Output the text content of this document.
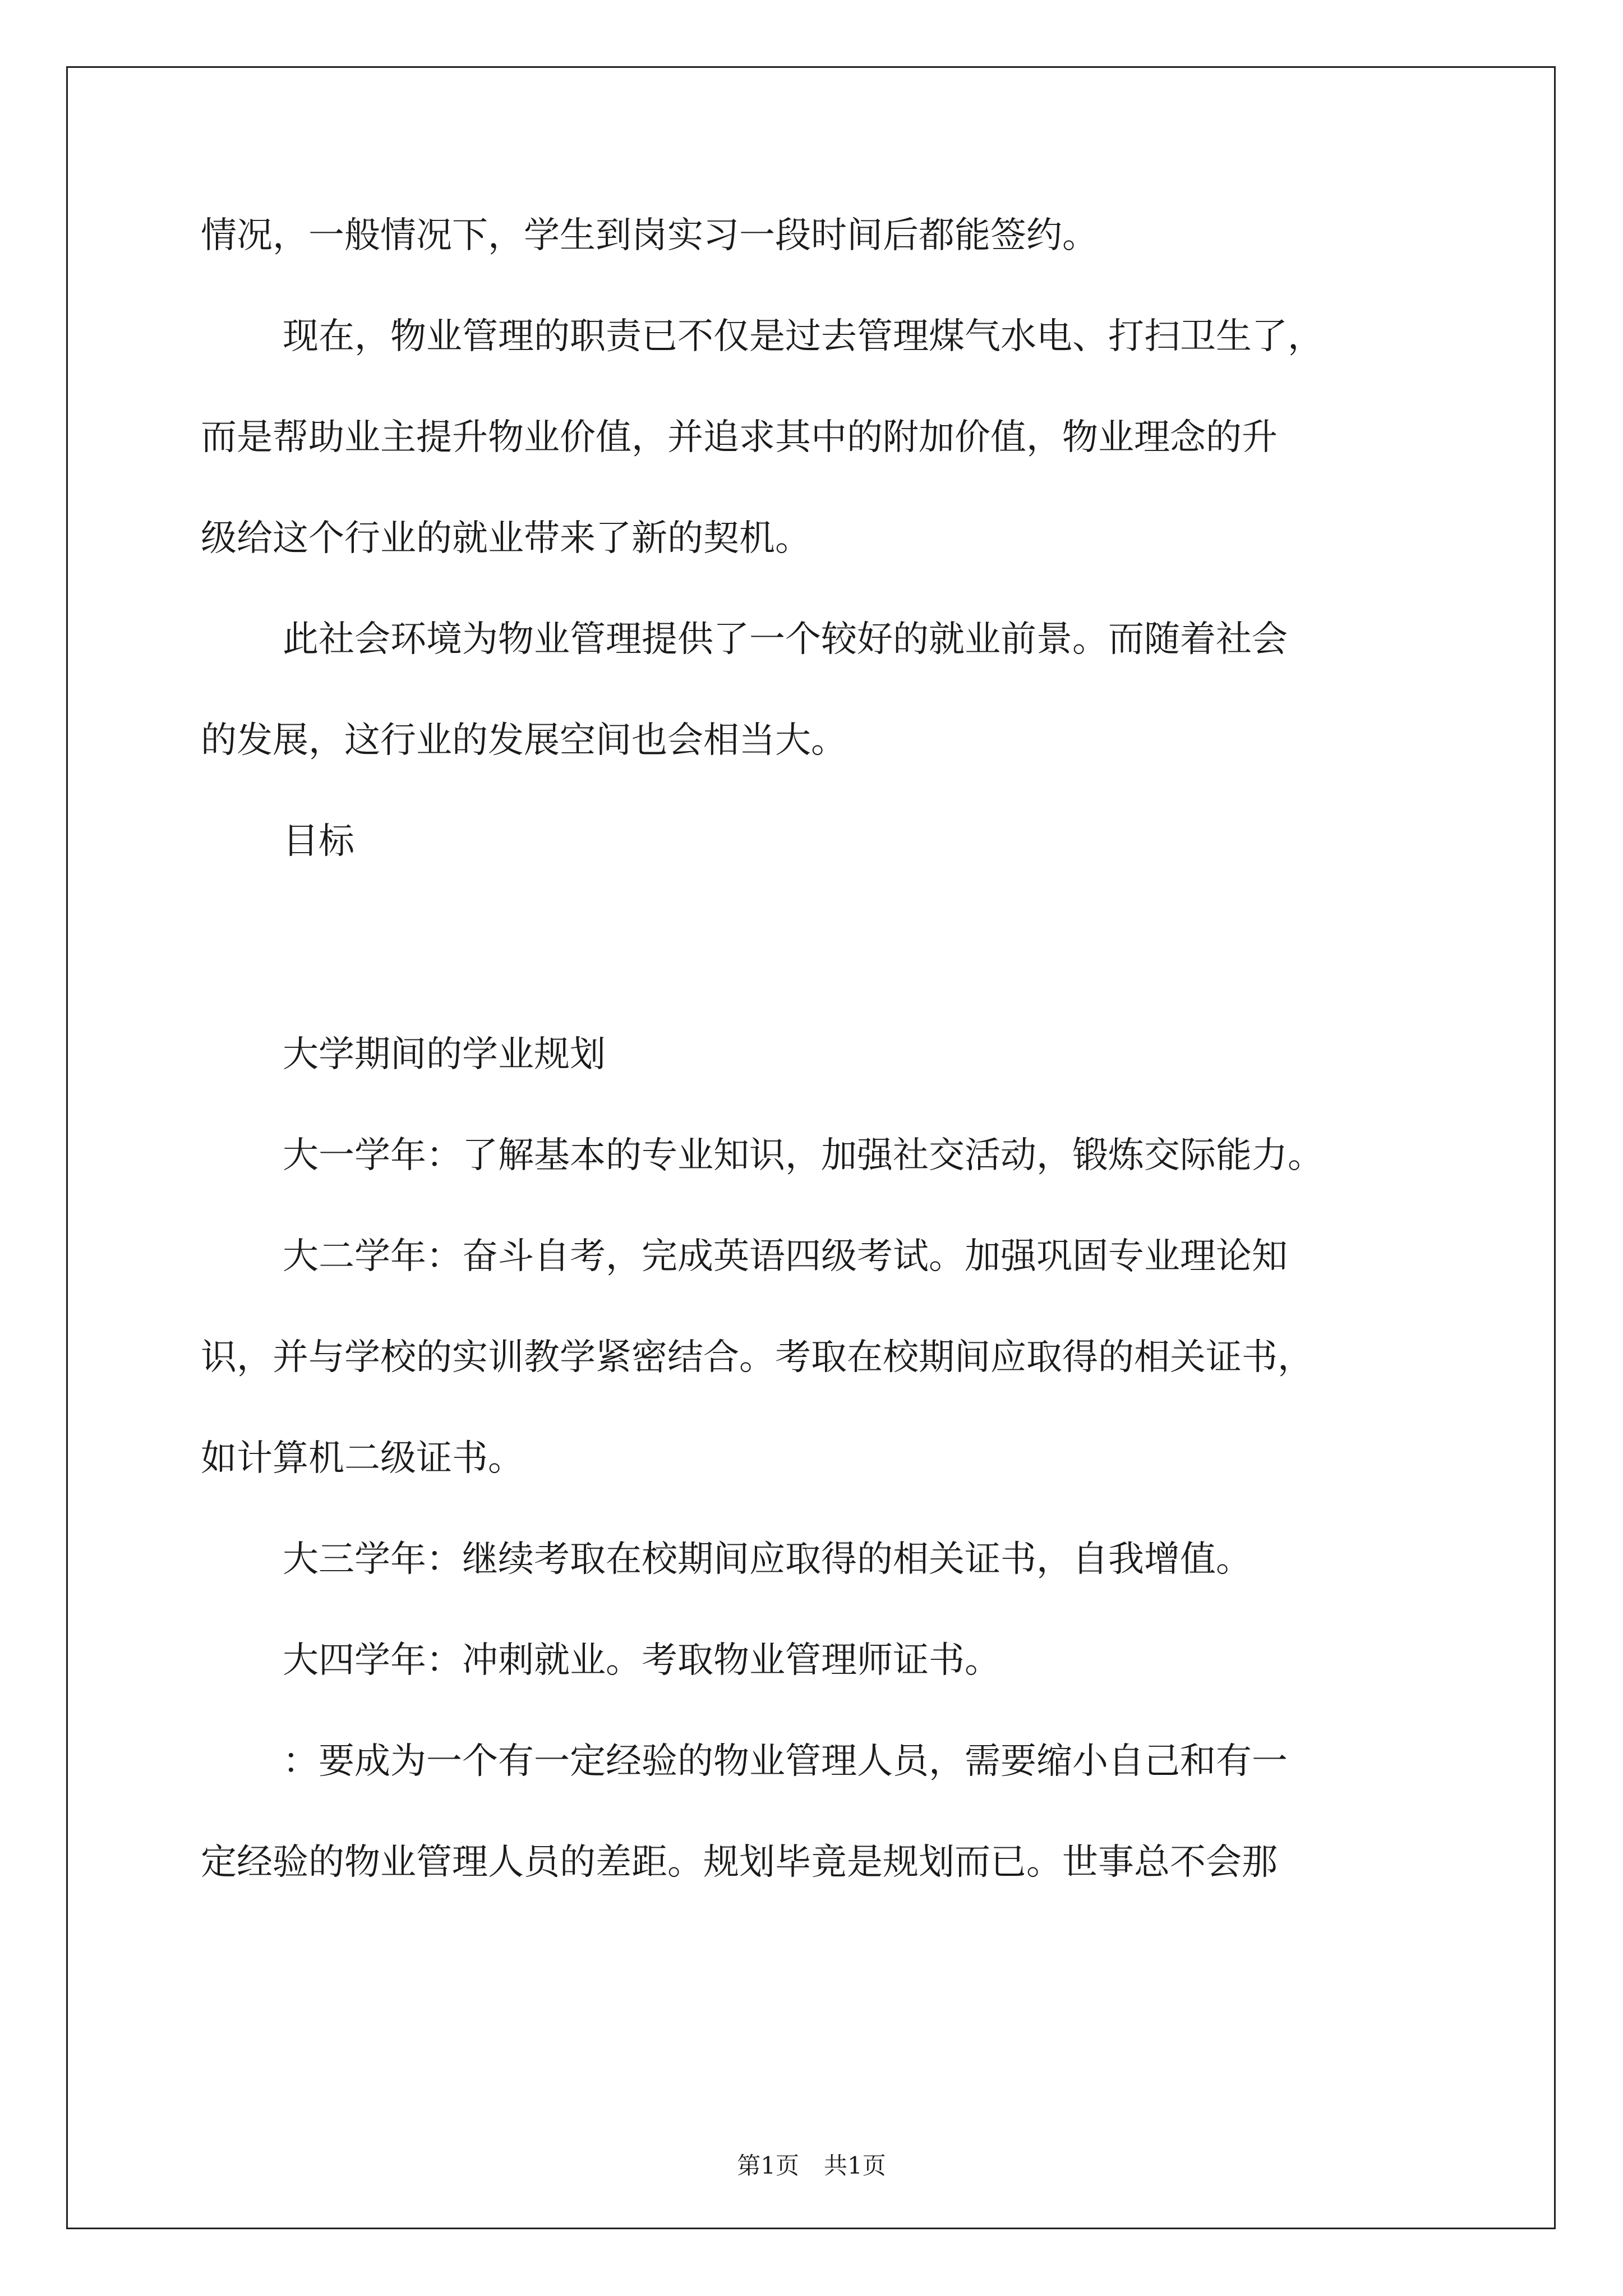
情况，一般情况下，学生到岗实习一段时间后都能签约。

现在，物业管理的职责已不仅是过去管理煤气水电、打扫卫生了，

而是帮助业主提升物业价值，并追求其中的附加价值，物业理念的升

级给这个行业的就业带来了新的契机。

此社会环境为物业管理提供了一个较好的就业前景。而随着社会

的发展，这行业的发展空间也会相当大。

目标

大学期间的学业规划

大一学年：了解基本的专业知识，加强社交活动，锻炼交际能力。

大二学年：奋斗自考，完成英语四级考试。加强巩固专业理论知

识，并与学校的实训教学紧密结合。考取在校期间应取得的相关证书，

如计算机二级证书。

大三学年：继续考取在校期间应取得的相关证书，自我增值。

大四学年：冲刺就业。考取物业管理师证书。

：要成为一个有一定经验的物业管理人员，需要缩小自己和有一

定经验的物业管理人员的差距。规划毕竟是规划而已。世事总不会那

第1页 共1页
